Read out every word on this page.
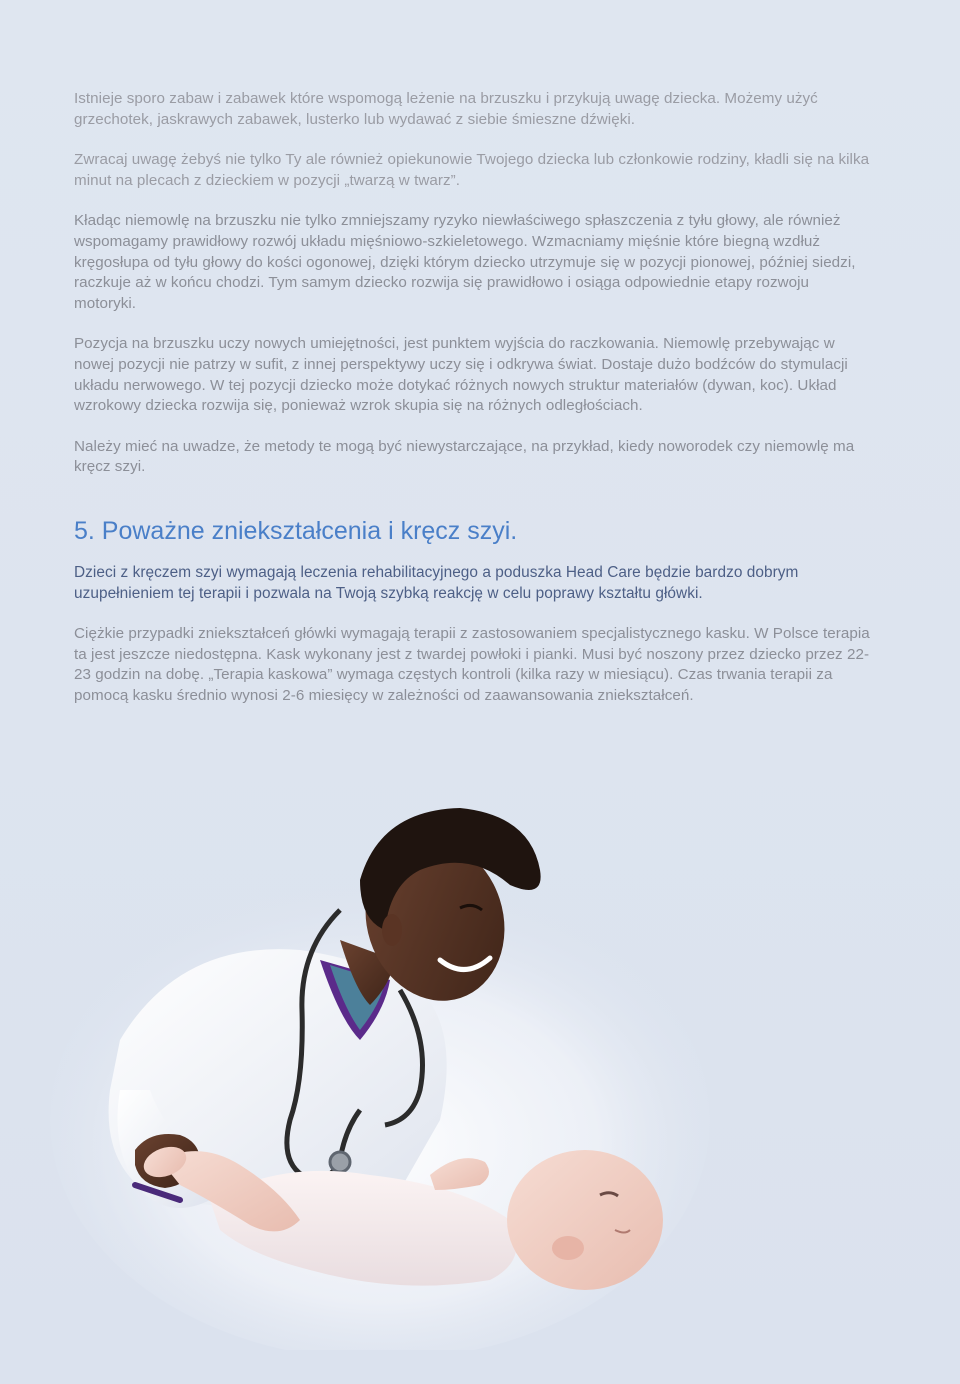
Istnieje sporo zabaw i zabawek które wspomogą leżenie na brzuszku i przykują uwagę dziecka. Możemy użyć grzechotek, jaskrawych zabawek, lusterko lub wydawać z siebie śmieszne dźwięki.

Zwracaj uwagę żebyś nie tylko Ty ale również opiekunowie Twojego dziecka lub członkowie rodziny, kładli się na kilka minut na plecach z dzieckiem w pozycji „twarzą w twarz”.

Kładąc niemowlę na brzuszku nie tylko zmniejszamy ryzyko niewłaściwego spłaszczenia z tyłu głowy, ale również wspomagamy prawidłowy rozwój układu mięśniowo-szkieletowego. Wzmacniamy mięśnie które biegną wzdłuż kręgosłupa od tyłu głowy do kości ogonowej, dzięki którym dziecko utrzymuje się w pozycji pionowej, później siedzi, raczkuje aż w końcu chodzi. Tym samym dziecko rozwija się prawidłowo i osiąga odpowiednie etapy rozwoju motoryki.

Pozycja na brzuszku uczy nowych umiejętności, jest punktem wyjścia do raczkowania. Niemowlę przebywając w nowej pozycji nie patrzy w sufit, z innej perspektywy uczy się i odkrywa świat. Dostaje dużo bodźców do stymulacji układu nerwowego. W tej pozycji dziecko może dotykać różnych nowych struktur materiałów (dywan, koc). Układ wzrokowy dziecka rozwija się, ponieważ wzrok skupia się na różnych odległościach.

Należy mieć na uwadze, że metody te mogą być niewystarczające, na przykład, kiedy noworodek czy niemowlę ma kręcz szyi.

5. Poważne zniekształcenia i kręcz szyi.

Dzieci z kręczem szyi wymagają leczenia rehabilitacyjnego a poduszka Head Care będzie bardzo dobrym uzupełnieniem tej terapii i pozwala na Twoją szybką reakcję w celu poprawy kształtu główki.

Ciężkie przypadki zniekształceń główki wymagają terapii z zastosowaniem specjalistycznego kasku. W Polsce terapia ta jest jeszcze niedostępna. Kask wykonany jest z twardej powłoki i pianki. Musi być noszony przez dziecko przez 22-23 godzin na dobę. „Terapia kaskowa” wymaga częstych kontroli (kilka razy w miesiącu). Czas trwania terapii za pomocą kasku średnio wynosi 2-6 miesięcy w zależności od zaawansowania zniekształceń.
